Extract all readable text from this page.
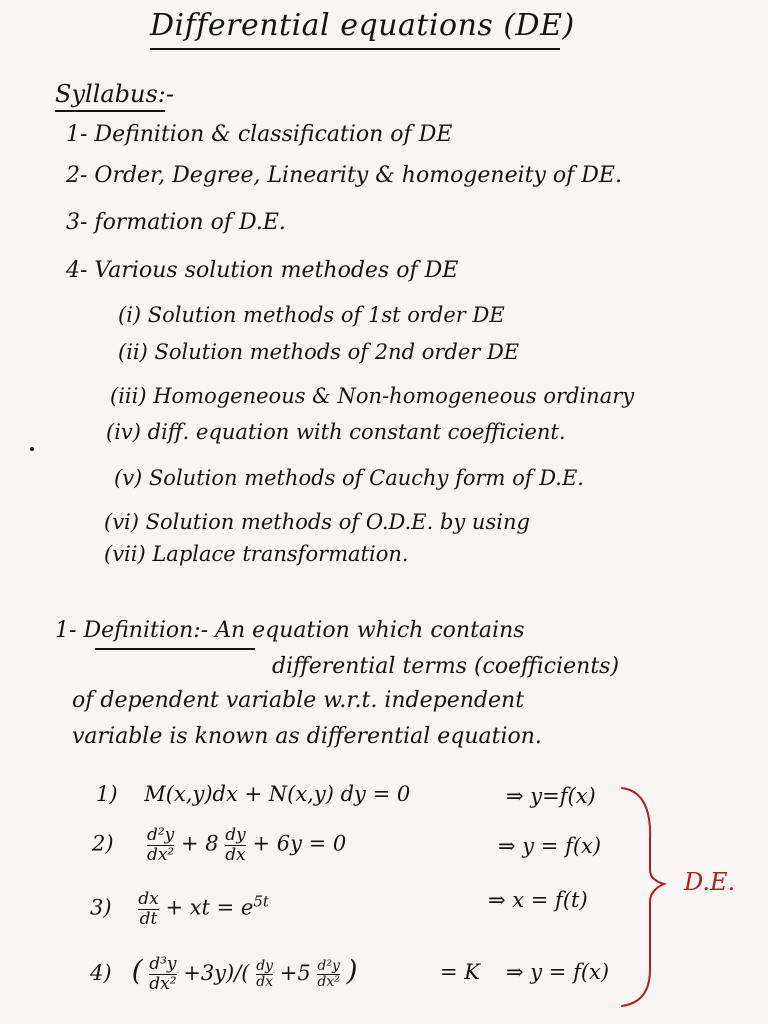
Differential equations (DE)
Syllabus:-
1- Definition & classification of DE
2- Order, Degree, Linearity & homogeneity of DE.
3- formation of D.E.
4- Various solution methodes of DE
(i) Solution methods of 1st order DE
(ii) Solution methods of 2nd order DE
(iii) Homogeneous & Non-homogeneous ordinary
(iv) diff. equation with constant coefficient.
(v) Solution methods of Cauchy form of D.E.
(vi) Solution methods of O.D.E. by using
(vii) Laplace transformation.
1- Definition:- An equation which contains
differential terms (coefficients)
of dependent variable w.r.t. independent
variable is known as differential equation.
1) M(x,y)dx + N(x,y) dy = 0	⇒ y=f(x)
$2) \frac{\text{d²y}}{\text{dx²}} + 8 \frac{dy}{dx} + 6y = 0$	⇒ y = f(x)
$3) \frac{dx}{dt}$ + xt = $e^{5t}$	⇒ x = f(t)
4) ( $\frac{\text{d³y}}{\text{dx²}} +3y)/( \frac{dy}{dx} +5 \frac{\text{d²y}}{\text{dx²}}$ )	= K ⇒ y = f(x)
D.E.
